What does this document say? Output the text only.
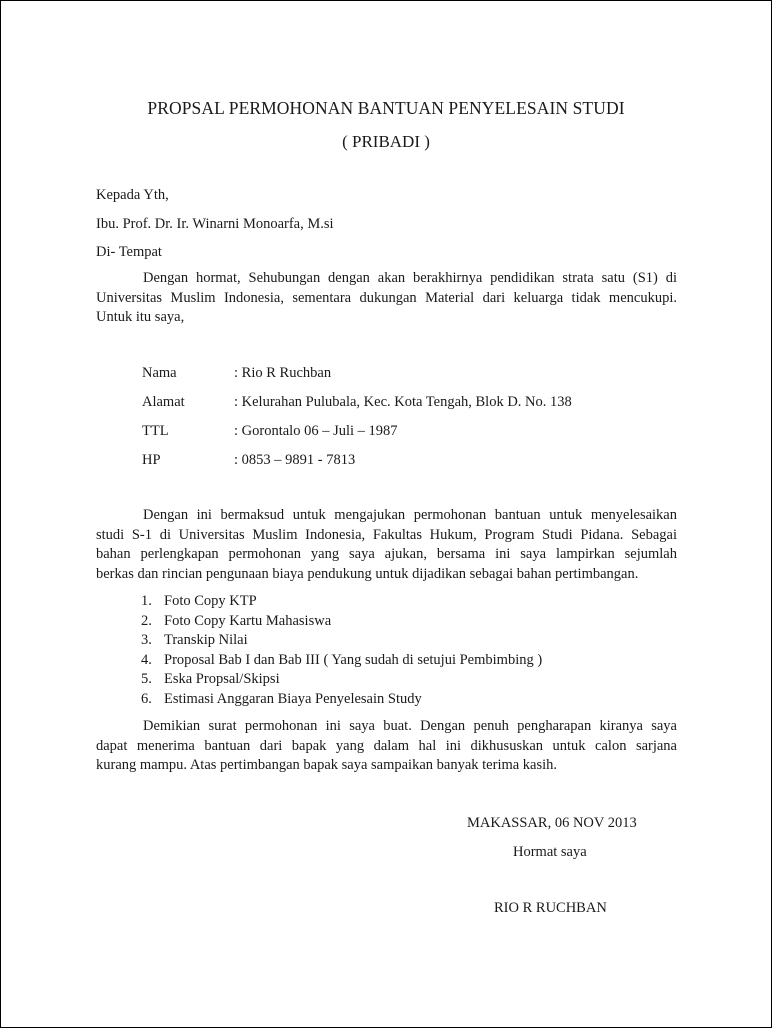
PROPSAL PERMOHONAN BANTUAN PENYELESAIN STUDI
( PRIBADI )
Kepada Yth,
Ibu. Prof. Dr. Ir. Winarni Monoarfa, M.si
Di- Tempat
Dengan hormat, Sehubungan dengan akan berakhirnya pendidikan strata satu (S1) di
Universitas Muslim Indonesia, sementara dukungan Material dari keluarga tidak mencukupi.
Untuk itu saya,
Nama	: Rio R Ruchban
Alamat	: Kelurahan Pulubala, Kec. Kota Tengah, Blok D. No. 138
TTL	: Gorontalo 06 – Juli – 1987
HP	: 0853 – 9891 - 7813
Dengan ini bermaksud untuk mengajukan permohonan bantuan untuk menyelesaikan
studi S-1 di Universitas Muslim Indonesia, Fakultas Hukum, Program Studi Pidana. Sebagai
bahan perlengkapan permohonan yang saya ajukan, bersama ini saya lampirkan sejumlah
berkas dan rincian pengunaan biaya pendukung untuk dijadikan sebagai bahan pertimbangan.
1. Foto Copy KTP
2. Foto Copy Kartu Mahasiswa
3. Transkip Nilai
4. Proposal Bab I dan Bab III ( Yang sudah di setujui Pembimbing )
5. Eska Propsal/Skipsi
6. Estimasi Anggaran Biaya Penyelesain Study
Demikian surat permohonan ini saya buat. Dengan penuh pengharapan kiranya saya
dapat menerima bantuan dari bapak yang dalam hal ini dikhususkan untuk calon sarjana
kurang mampu. Atas pertimbangan bapak saya sampaikan banyak terima kasih.
MAKASSAR, 06 NOV 2013
Hormat saya
RIO R RUCHBAN
